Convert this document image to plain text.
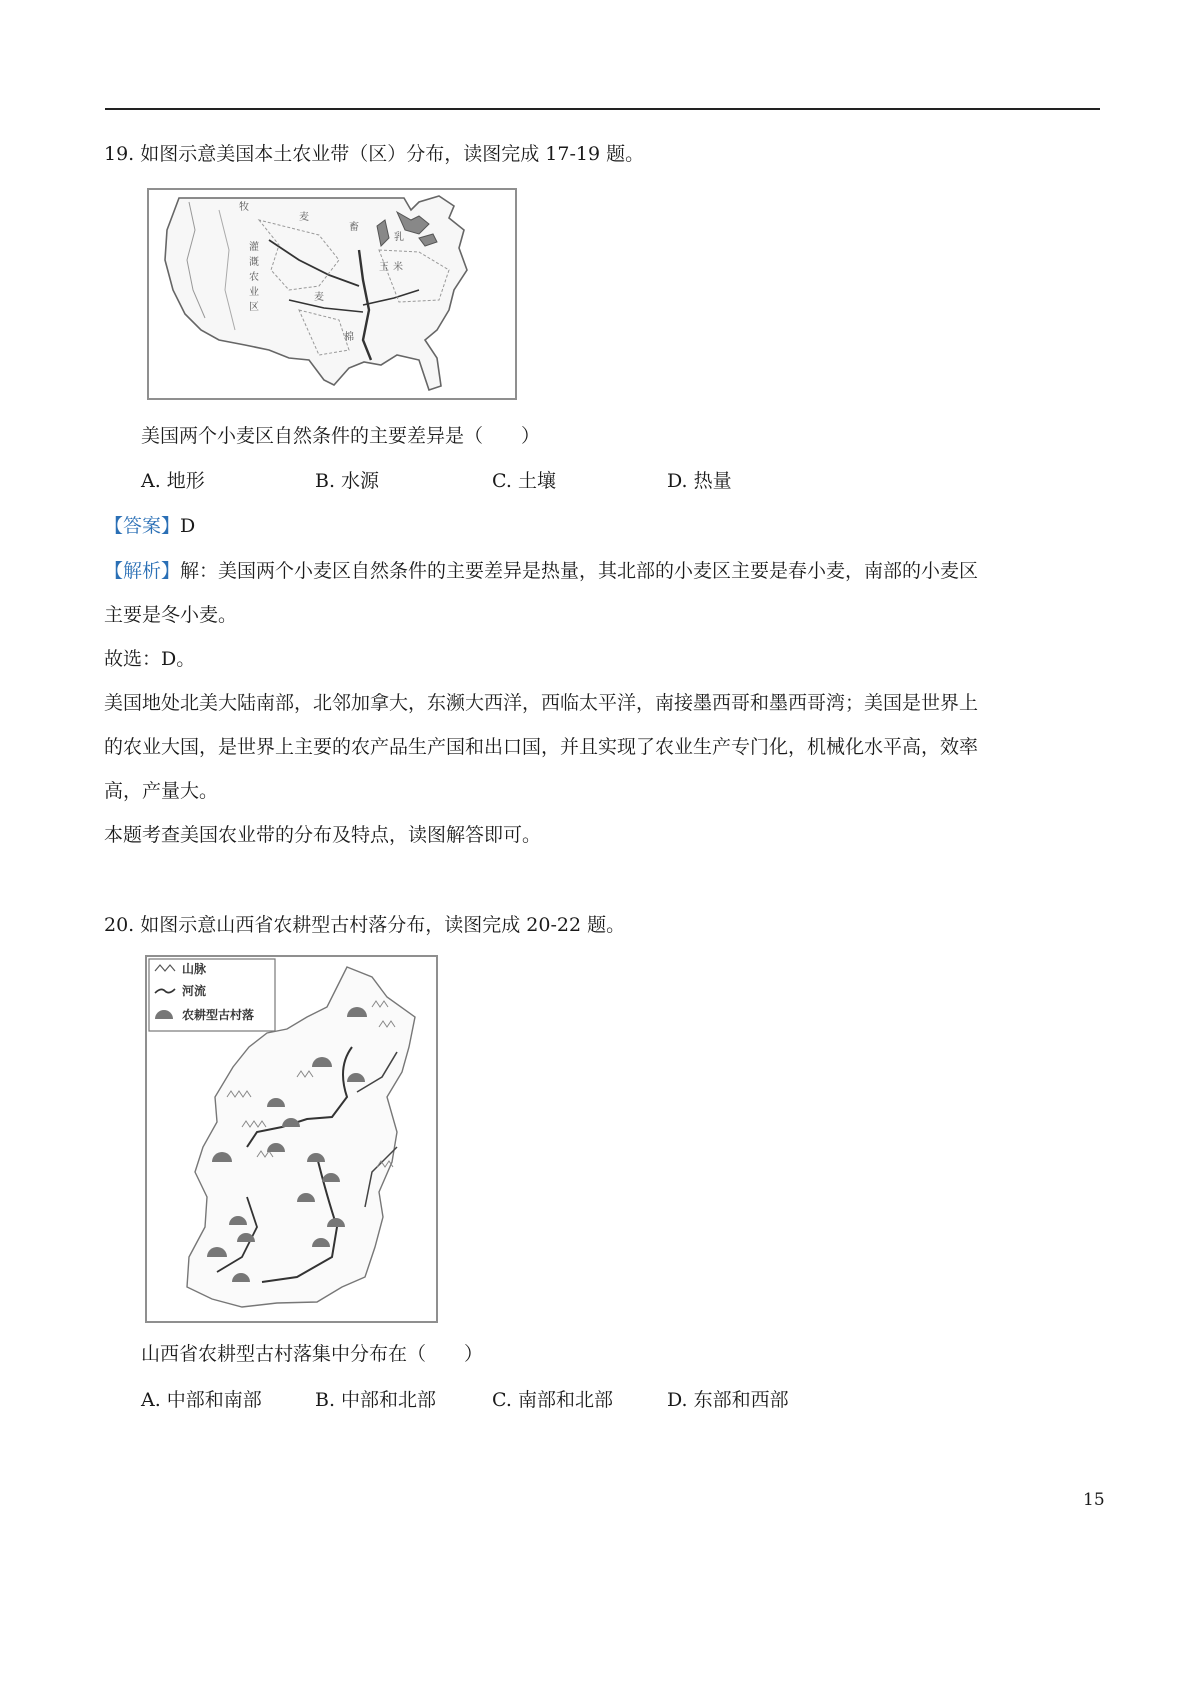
19. 如图示意美国本土农业带（区）分布，读图完成 17-19 题。
牧
灌
溉
农
业
区
麦
麦
乳
畜
玉 米
棉
美国两个小麦区自然条件的主要差异是（　　）
A. 地形	B. 水源	C. 土壤	D. 热量
【答案】D
【解析】解：美国两个小麦区自然条件的主要差异是热量，其北部的小麦区主要是春小麦，南部的小麦区
主要是冬小麦。
故选：D。
美国地处北美大陆南部，北邻加拿大，东濒大西洋，西临太平洋，南接墨西哥和墨西哥湾；美国是世界上
的农业大国，是世界上主要的农产品生产国和出口国，并且实现了农业生产专门化，机械化水平高，效率
高，产量大。
本题考查美国农业带的分布及特点，读图解答即可。
20. 如图示意山西省农耕型古村落分布，读图完成 20-22 题。
山脉
河流
农耕型古村落
山西省农耕型古村落集中分布在（　　）
A. 中部和南部	B. 中部和北部	C. 南部和北部	D. 东部和西部
15
